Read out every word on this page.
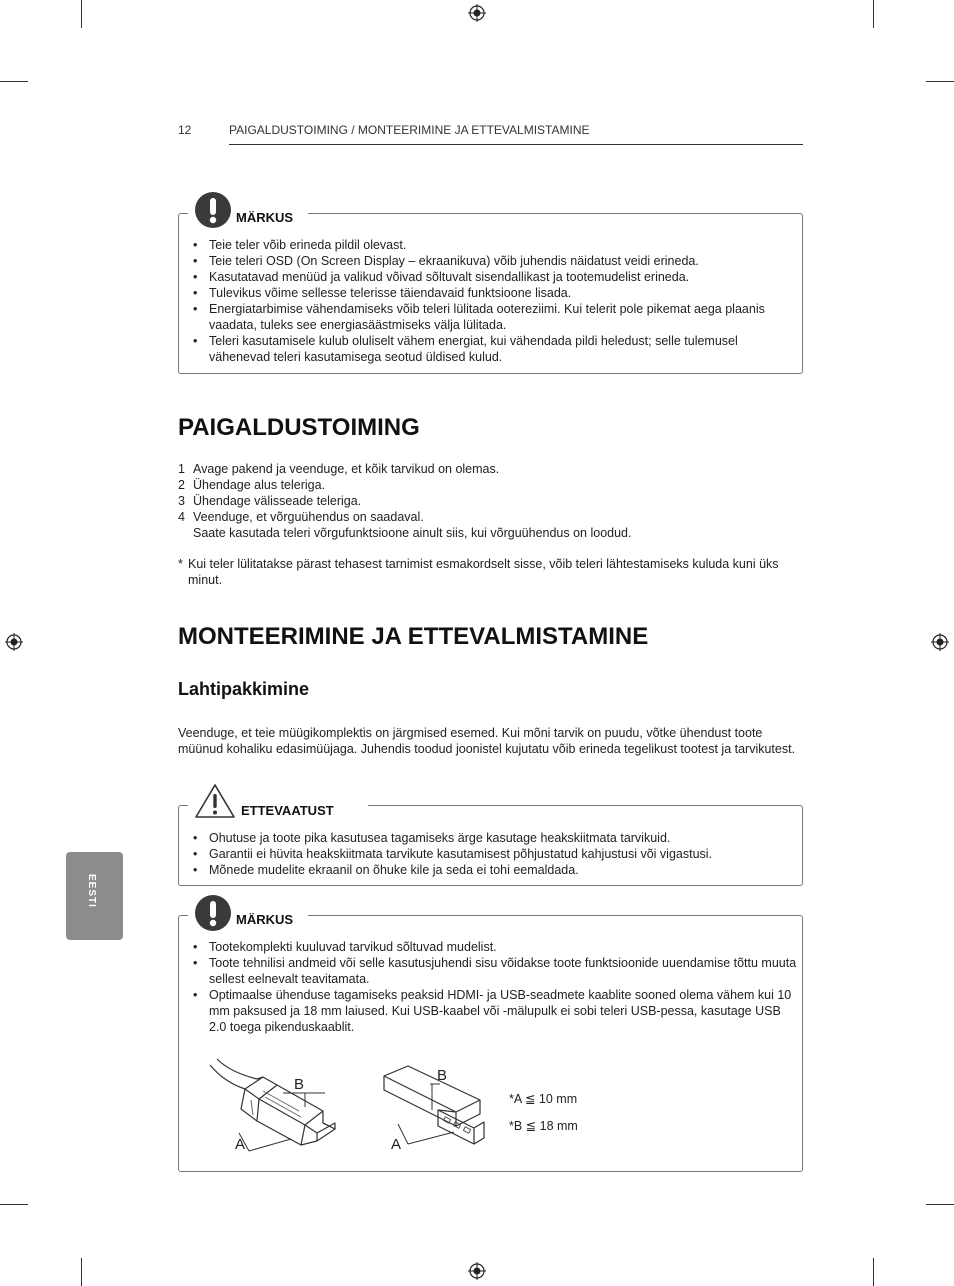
12	PAIGALDUSTOIMING / MONTEERIMINE JA ETTEVALMISTAMINE
MÄRKUS
• Teie teler võib erineda pildil olevast.
• Teie teleri OSD (On Screen Display – ekraanikuva) võib juhendis näidatust veidi erineda.
• Kasutatavad menüüd ja valikud võivad sõltuvalt sisendallikast ja tootemudelist erineda.
• Tulevikus võime sellesse telerisse täiendavaid funktsioone lisada.
• Energiatarbimise vähendamiseks võib teleri lülitada ootereziimi. Kui telerit pole pikemat aega plaanis vaadata, tuleks see energiasäästmiseks välja lülitada.
• Teleri kasutamisele kulub oluliselt vähem energiat, kui vähendada pildi heledust; selle tulemusel vähenevad teleri kasutamisega seotud üldised kulud.
PAIGALDUSTOIMING
1 Avage pakend ja veenduge, et kõik tarvikud on olemas.
2 Ühendage alus teleriga.
3 Ühendage välisseade teleriga.
4 Veenduge, et võrguühendus on saadaval.
Saate kasutada teleri võrgufunktsioone ainult siis, kui võrguühendus on loodud.
* Kui teler lülitatakse pärast tehasest tarnimist esmakordselt sisse, võib teleri lähtestamiseks kuluda kuni üks minut.
MONTEERIMINE JA ETTEVALMISTAMINE
Lahtipakkimine
Veenduge, et teie müügikomplektis on järgmised esemed. Kui mõni tarvik on puudu, võtke ühendust toote müünud kohaliku edasimüüjaga. Juhendis toodud joonistel kujutatu võib erineda tegelikust tootest ja tarvikutest.
ETTEVAATUST
• Ohutuse ja toote pika kasutusea tagamiseks ärge kasutage heakskiitmata tarvikuid.
• Garantii ei hüvita heakskiitmata tarvikute kasutamisest põhjustatud kahjustusi või vigastusi.
• Mõnede mudelite ekraanil on õhuke kile ja seda ei tohi eemaldada.
EESTI
MÄRKUS
• Tootekomplekti kuuluvad tarvikud sõltuvad mudelist.
• Toote tehnilisi andmeid või selle kasutusjuhendi sisu võidakse toote funktsioonide uuendamise tõttu muuta sellest eelnevalt teavitamata.
• Optimaalse ühenduse tagamiseks peaksid HDMI- ja USB-seadmete kaablite sooned olema vähem kui 10 mm paksused ja 18 mm laiused. Kui USB-kaabel või -mälupulk ei sobi teleri USB-pessa, kasutage USB 2.0 toega pikenduskaablit.
B
A
B
A
*A ≦ 10 mm
*B ≦ 18 mm
